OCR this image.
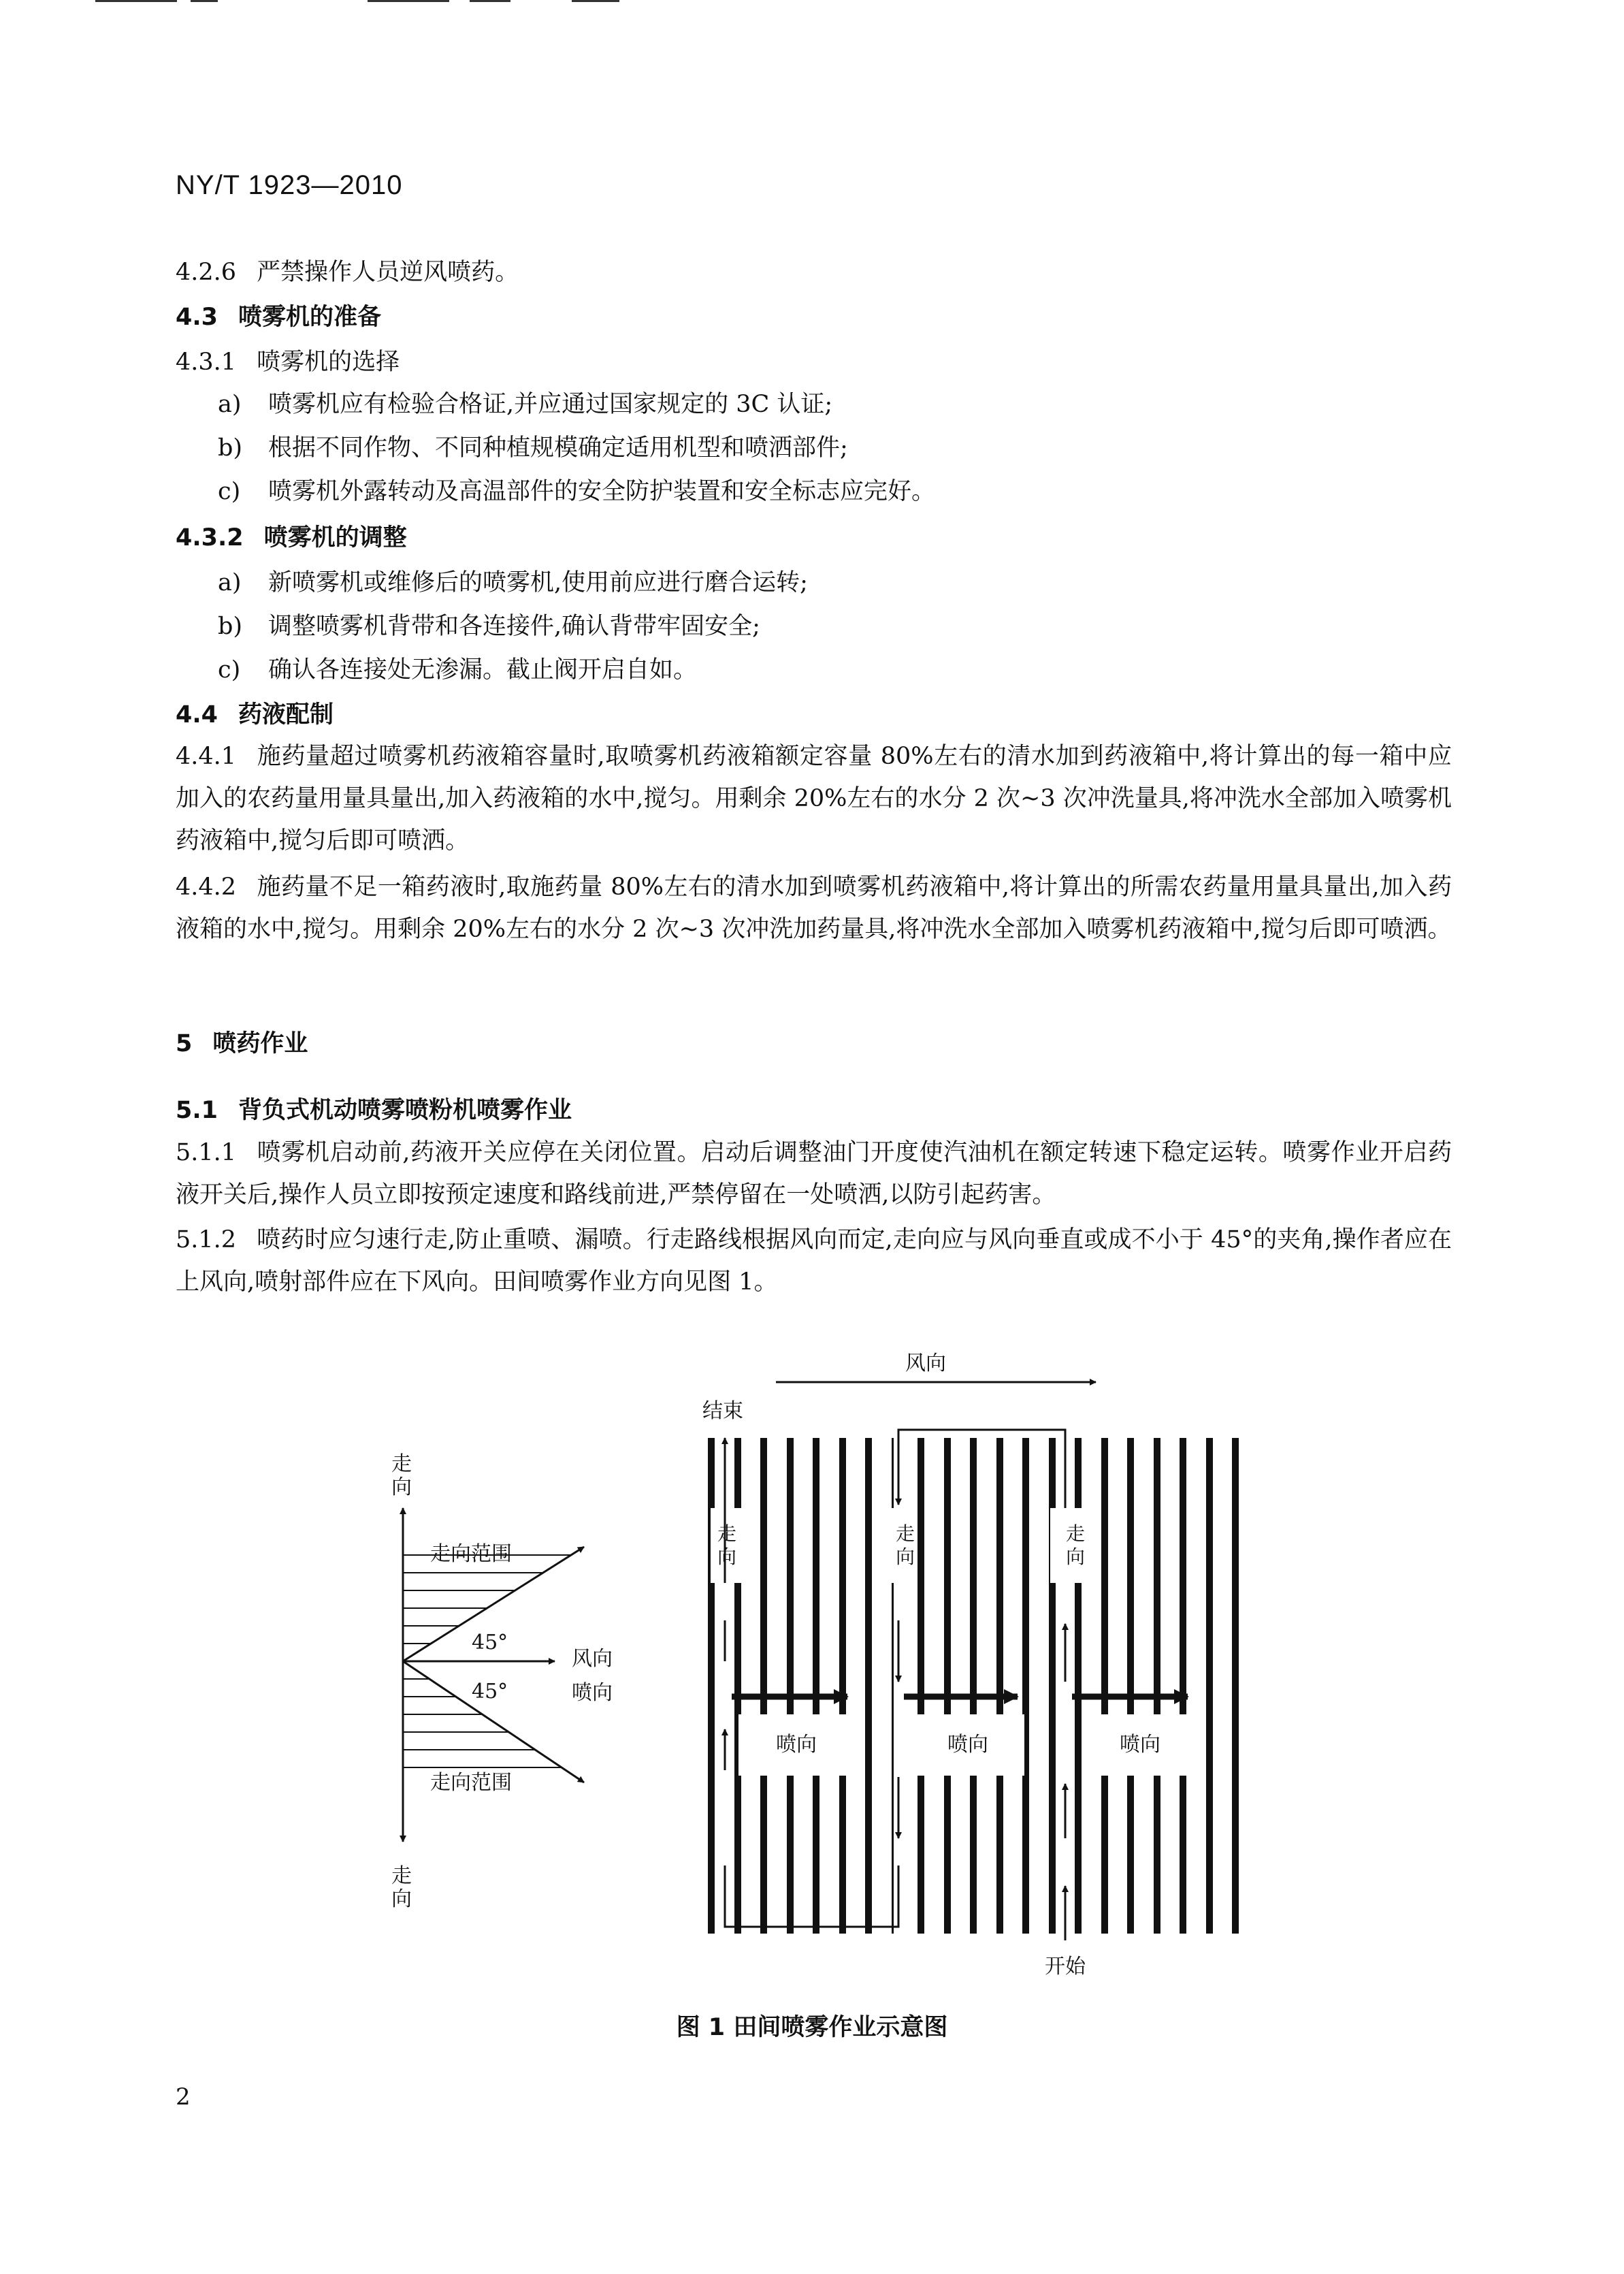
NY/T 1923—2010
4.2.6 严禁操作人员逆风喷药。
4.3 喷雾机的准备
4.3.1 喷雾机的选择
a) 喷雾机应有检验合格证,并应通过国家规定的 3C 认证;
b) 根据不同作物、不同种植规模确定适用机型和喷洒部件;
c) 喷雾机外露转动及高温部件的安全防护装置和安全标志应完好。
4.3.2 喷雾机的调整
a) 新喷雾机或维修后的喷雾机,使用前应进行磨合运转;
b) 调整喷雾机背带和各连接件,确认背带牢固安全;
c) 确认各连接处无渗漏。截止阀开启自如。
4.4 药液配制
4.4.1 施药量超过喷雾机药液箱容量时,取喷雾机药液箱额定容量 80%左右的清水加到药液箱中,将计算出的每一箱中应加入的农药量用量具量出,加入药液箱的水中,搅匀。用剩余 20%左右的水分 2 次~3 次冲洗量具,将冲洗水全部加入喷雾机药液箱中,搅匀后即可喷洒。
4.4.2 施药量不足一箱药液时,取施药量 80%左右的清水加到喷雾机药液箱中,将计算出的所需农药量用量具量出,加入药液箱的水中,搅匀。用剩余 20%左右的水分 2 次~3 次冲洗加药量具,将冲洗水全部加入喷雾机药液箱中,搅匀后即可喷洒。
5 喷药作业
5.1 背负式机动喷雾喷粉机喷雾作业
5.1.1 喷雾机启动前,药液开关应停在关闭位置。启动后调整油门开度使汽油机在额定转速下稳定运转。喷雾作业开启药液开关后,操作人员立即按预定速度和路线前进,严禁停留在一处喷洒,以防引起药害。
5.1.2 喷药时应匀速行走,防止重喷、漏喷。行走路线根据风向而定,走向应与风向垂直或成不小于 45°的夹角,操作者应在上风向,喷射部件应在下风向。田间喷雾作业方向见图 1。
走向
走向范围
45°
45°
风向
喷向
走向范围
走向
风向
结束
开始
走向
走向
走向
喷向	喷向	喷向
图 1 田间喷雾作业示意图
2
